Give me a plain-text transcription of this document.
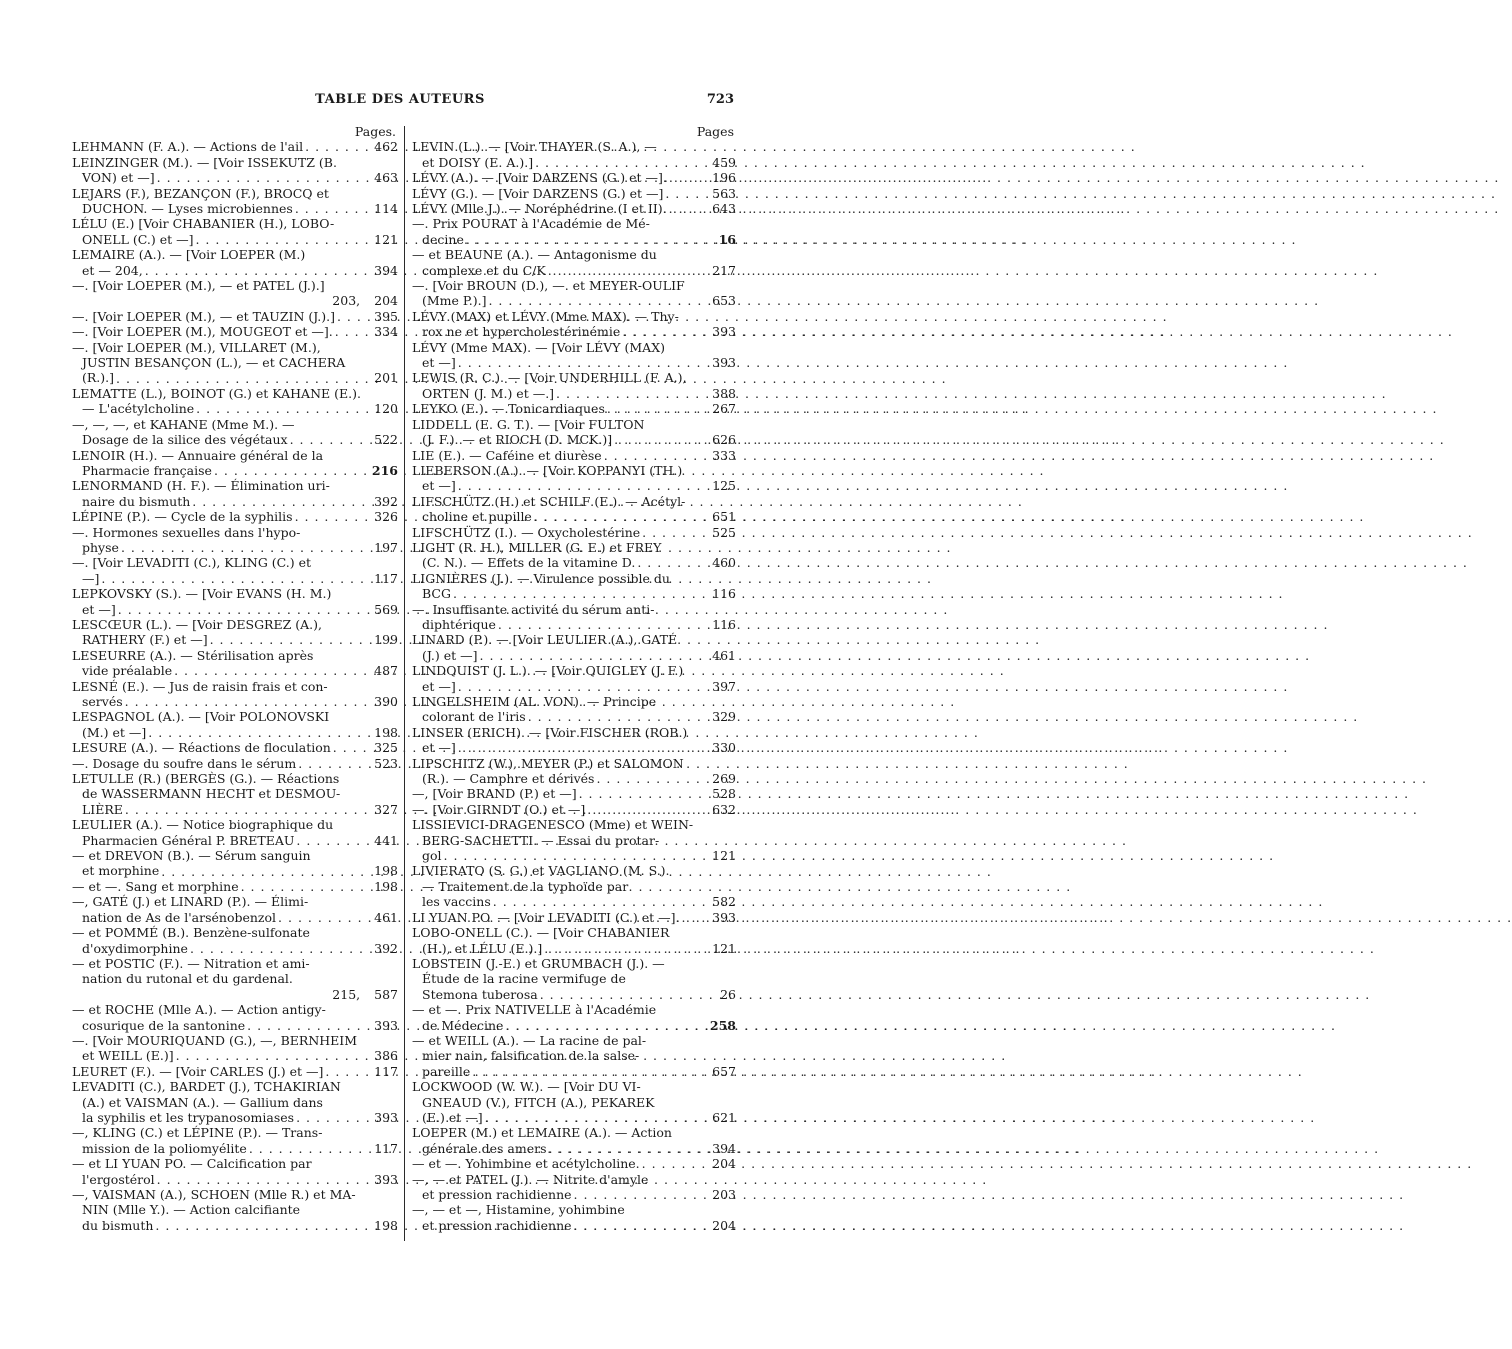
TABLE DES AUTEURS	723
Pages.
LEHMANN (F. A.). — Actions de l'ail . . .	462
LEINZINGER (M.). — [Voir ISSEKUTZ (B.
VON) et —] . . .	463
LEJARS (F.), BEZANÇON (F.), BROCQ et
DUCHON. — Lyses microbiennes . . .	114
LÉLU (E.) [Voir CHABANIER (H.), LOBO-
ONELL (C.) et —] . . .	121
LEMAIRE (A.). — [Voir LOEPER (M.)
et — 204, . . .	394
—. [Voir LOEPER (M.), — et PATEL (J.).]
203, 204
—. [Voir LOEPER (M.), — et TAUZIN (J.).] . . .	395
—. [Voir LOEPER (M.), MOUGEOT et —]. . . .	334
—. [Voir LOEPER (M.), VILLARET (M.),
JUSTIN BESANÇON (L.), — et CACHERA
(R.).] . . .	201
LEMATTE (L.), BOINOT (G.) et KAHANE (E.).
— L'acétylcholine . . .	120
—, —, —, et KAHANE (Mme M.). —
Dosage de la silice des végétaux . . .	522
LENOIR (H.). — Annuaire général de la
Pharmacie française . . .	216
LENORMAND (H. F.). — Élimination uri-
naire du bismuth . . .	392
LÉPINE (P.). — Cycle de la syphilis . . .	326
—. Hormones sexuelles dans l'hypo-
physe . . .	197
—. [Voir LEVADITI (C.), KLING (C.) et
—] . . .	117
LEPKOVSKY (S.). — [Voir EVANS (H. M.)
et —] . . .	569
LESCŒUR (L.). — [Voir DESGREZ (A.),
RATHERY (F.) et —] . . .	199
LESEURRE (A.). — Stérilisation après
vide préalable . . .	487
LESNÉ (E.). — Jus de raisin frais et con-
servés . . .	390
LESPAGNOL (A.). — [Voir POLONOVSKI
(M.) et —] . . .	198
LESURE (A.). — Réactions de floculation . . .	325
—. Dosage du soufre dans le sérum . . .	523
LETULLE (R.) (BERGÈS (G.). — Réactions
de WASSERMANN HECHT et DESMOU-
LIÈRE . . .	327
LEULIER (A.). — Notice biographique du
Pharmacien Général P. BRETEAU . . .	441
— et DREVON (B.). — Sérum sanguin
et morphine . . .	198
— et —. Sang et morphine . . .	198
—, GATÉ (J.) et LINARD (P.). — Élimi-
nation de As de l'arsénobenzol . . .	461
— et POMMÉ (B.). Benzène-sulfonate
d'oxydimorphine . . .	392
— et POSTIC (F.). — Nitration et ami-
nation du rutonal et du gardenal.
215, 587
— et ROCHE (Mlle A.). — Action antigy-
cosurique de la santonine . . .	393
—. [Voir MOURIQUAND (G.), —, BERNHEIM
et WEILL (E.)] . . .	386
LEURET (F.). — [Voir CARLES (J.) et —] . . .	117
LEVADITI (C.), BARDET (J.), TCHAKIRIAN
(A.) et VAISMAN (A.). — Gallium dans
la syphilis et les trypanosomiases . . .	393
—, KLING (C.) et LÉPINE (P.). — Trans-
mission de la poliomyélite . . .	117
— et LI YUAN PO. — Calcification par
l'ergostérol . . .	393
—, VAISMAN (A.), SCHOEN (Mlle R.) et MA-
NIN (Mlle Y.). — Action calcifiante
du bismuth . . .	198
Pages
LEVIN (L.). — [Voir THAYER (S. A.), —
et DOISY (E. A.).] . . .	459
LÉVY (A.). — [Voir DARZENS (G.) et —]. . . .	196
LÉVY (G.). — [Voir DARZENS (G.) et —] . . .	563
LÉVY (Mlle J.). — Noréphédrine (I et II). . . .	643
—. Prix POURAT à l'Académie de Mé-
decine . . .	16
— et BEAUNE (A.). — Antagonisme du
complexe et du C/K . . .	217
—. [Voir BROUN (D.), —. et MEYER-OULIF
(Mme P.).] . . .	653
LÉVY (MAX) et LÉVY (Mme MAX). — Thy-
rox ne et hypercholestérinémie . . .	393
LÉVY (Mme MAX). — [Voir LÉVY (MAX)
et —] . . .	393
LEWIS (R. C.). — [Voir UNDERHILL (F. A.),
ORTEN (J. M.) et —.] . . .	388
LEYKO (E.). — Tonicardiaques . . .	267
LIDDELL (E. G. T.). — [Voir FULTON
(J. F.). — et RIOCH (D. MCK.)] . . .	626
LIE (E.). — Caféine et diurèse . . .	333
LIEBERSON (A.). — [Voir KOPPANYI (TH.)
et —] . . .	125
LIFSCHÜTZ (H.) et SCHILF (E.). — Acétyl-
choline et pupille . . .	651
LIFSCHÜTZ (I.). — Oxycholestérine . . .	525
LIGHT (R. H.), MILLER (G. E.) et FREY
(C. N.). — Effets de la vitamine D. . . .	460
LIGNIÈRES (J.). — Virulence possible du
BCG . . .	116
—. Insuffisante activité du sérum anti-
diphtérique . . .	116
LINARD (P.). — [Voir LEULIER (A.), GATÉ
(J.) et —] . . .	461
LINDQUIST (J. L.). — [Voir QUIGLEY (J. F.)
et —] . . .	397
LINGELSHEIM (AL. VON). — Principe
colorant de l'iris . . .	329
LINSER (ERICH). — [Voir FISCHER (ROB.)
et —] . . .	330
LIPSCHITZ (W.), MEYER (P.) et SALOMON
(R.). — Camphre et dérivés . . .	269
—, [Voir BRAND (P.) et —] . . .	528
—. [Voir GIRNDT (O.) et —] . . .	632
LISSIEVICI-DRAGENESCO (Mme) et WEIN-
BERG-SACHETTI. — Essai du protar-
gol . . .	121
LIVIERATO (S. G.) et VAGLIANO (M. S.).
— Traitement de la typhoïde par
les vaccins . . .	582
LI YUAN PO. — [Voir LEVADITI (C.) et —]. . . .	393
LOBO-ONELL (C.). — [Voir CHABANIER
(H.), et LÉLU (E.).] . . .	121
LOBSTEIN (J.-E.) et GRUMBACH (J.). —
Étude de la racine vermifuge de
Stemona tuberosa . . .	26
— et —. Prix NATIVELLE à l'Académie
de Médecine . . .	258
— et WEILL (A.). — La racine de pal-
mier nain, falsification de la salse-
pareille . . .	657
LOCKWOOD (W. W.). — [Voir DU VI-
GNEAUD (V.), FITCH (A.), PEKAREK
(E.) et —] . . .	621
LOEPER (M.) et LEMAIRE (A.). — Action
générale des amers . . .	394
— et —. Yohimbine et acétylcholine. . . .	204
—, — et PATEL (J.). — Nitrite d'amyle
et pression rachidienne . . .	203
—, — et —, Histamine, yohimbine
et pression rachidienne . . .	204
